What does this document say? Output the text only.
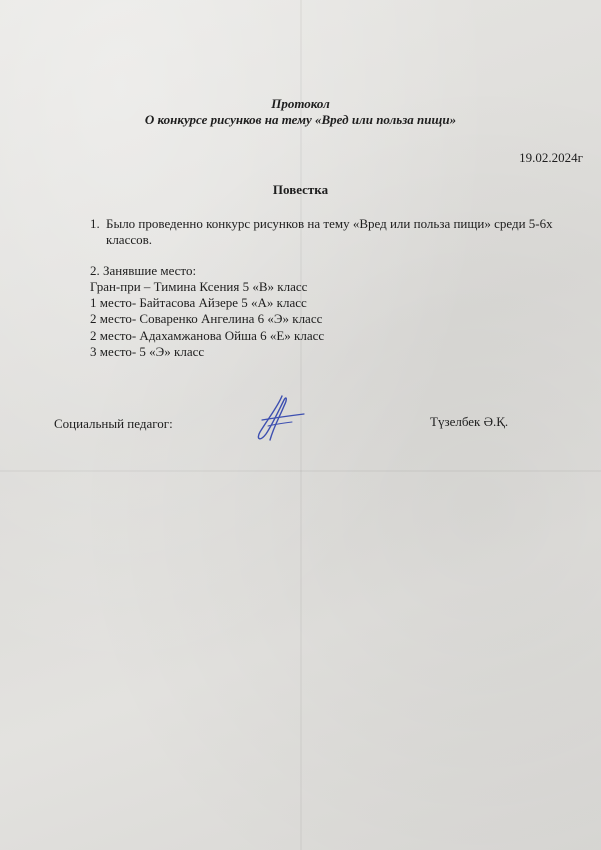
Протокол
О конкурсе рисунков на тему «Вред или польза пищи»
19.02.2024г
Повестка
1. Было проведенно конкурс рисунков на тему «Вред или польза пищи» среди 5-6х классов.
2. Занявшие место:
Гран-при – Тимина Ксения 5 «В» класс
1 место- Байтасова Айзере 5 «А» класс
2 место- Соваренко Ангелина 6 «Э» класс
2 место- Адахамжанова Ойша 6 «Е» класс
3 место- 5 «Э» класс
Социальный педагог:	Түзелбек Ә.Қ.
